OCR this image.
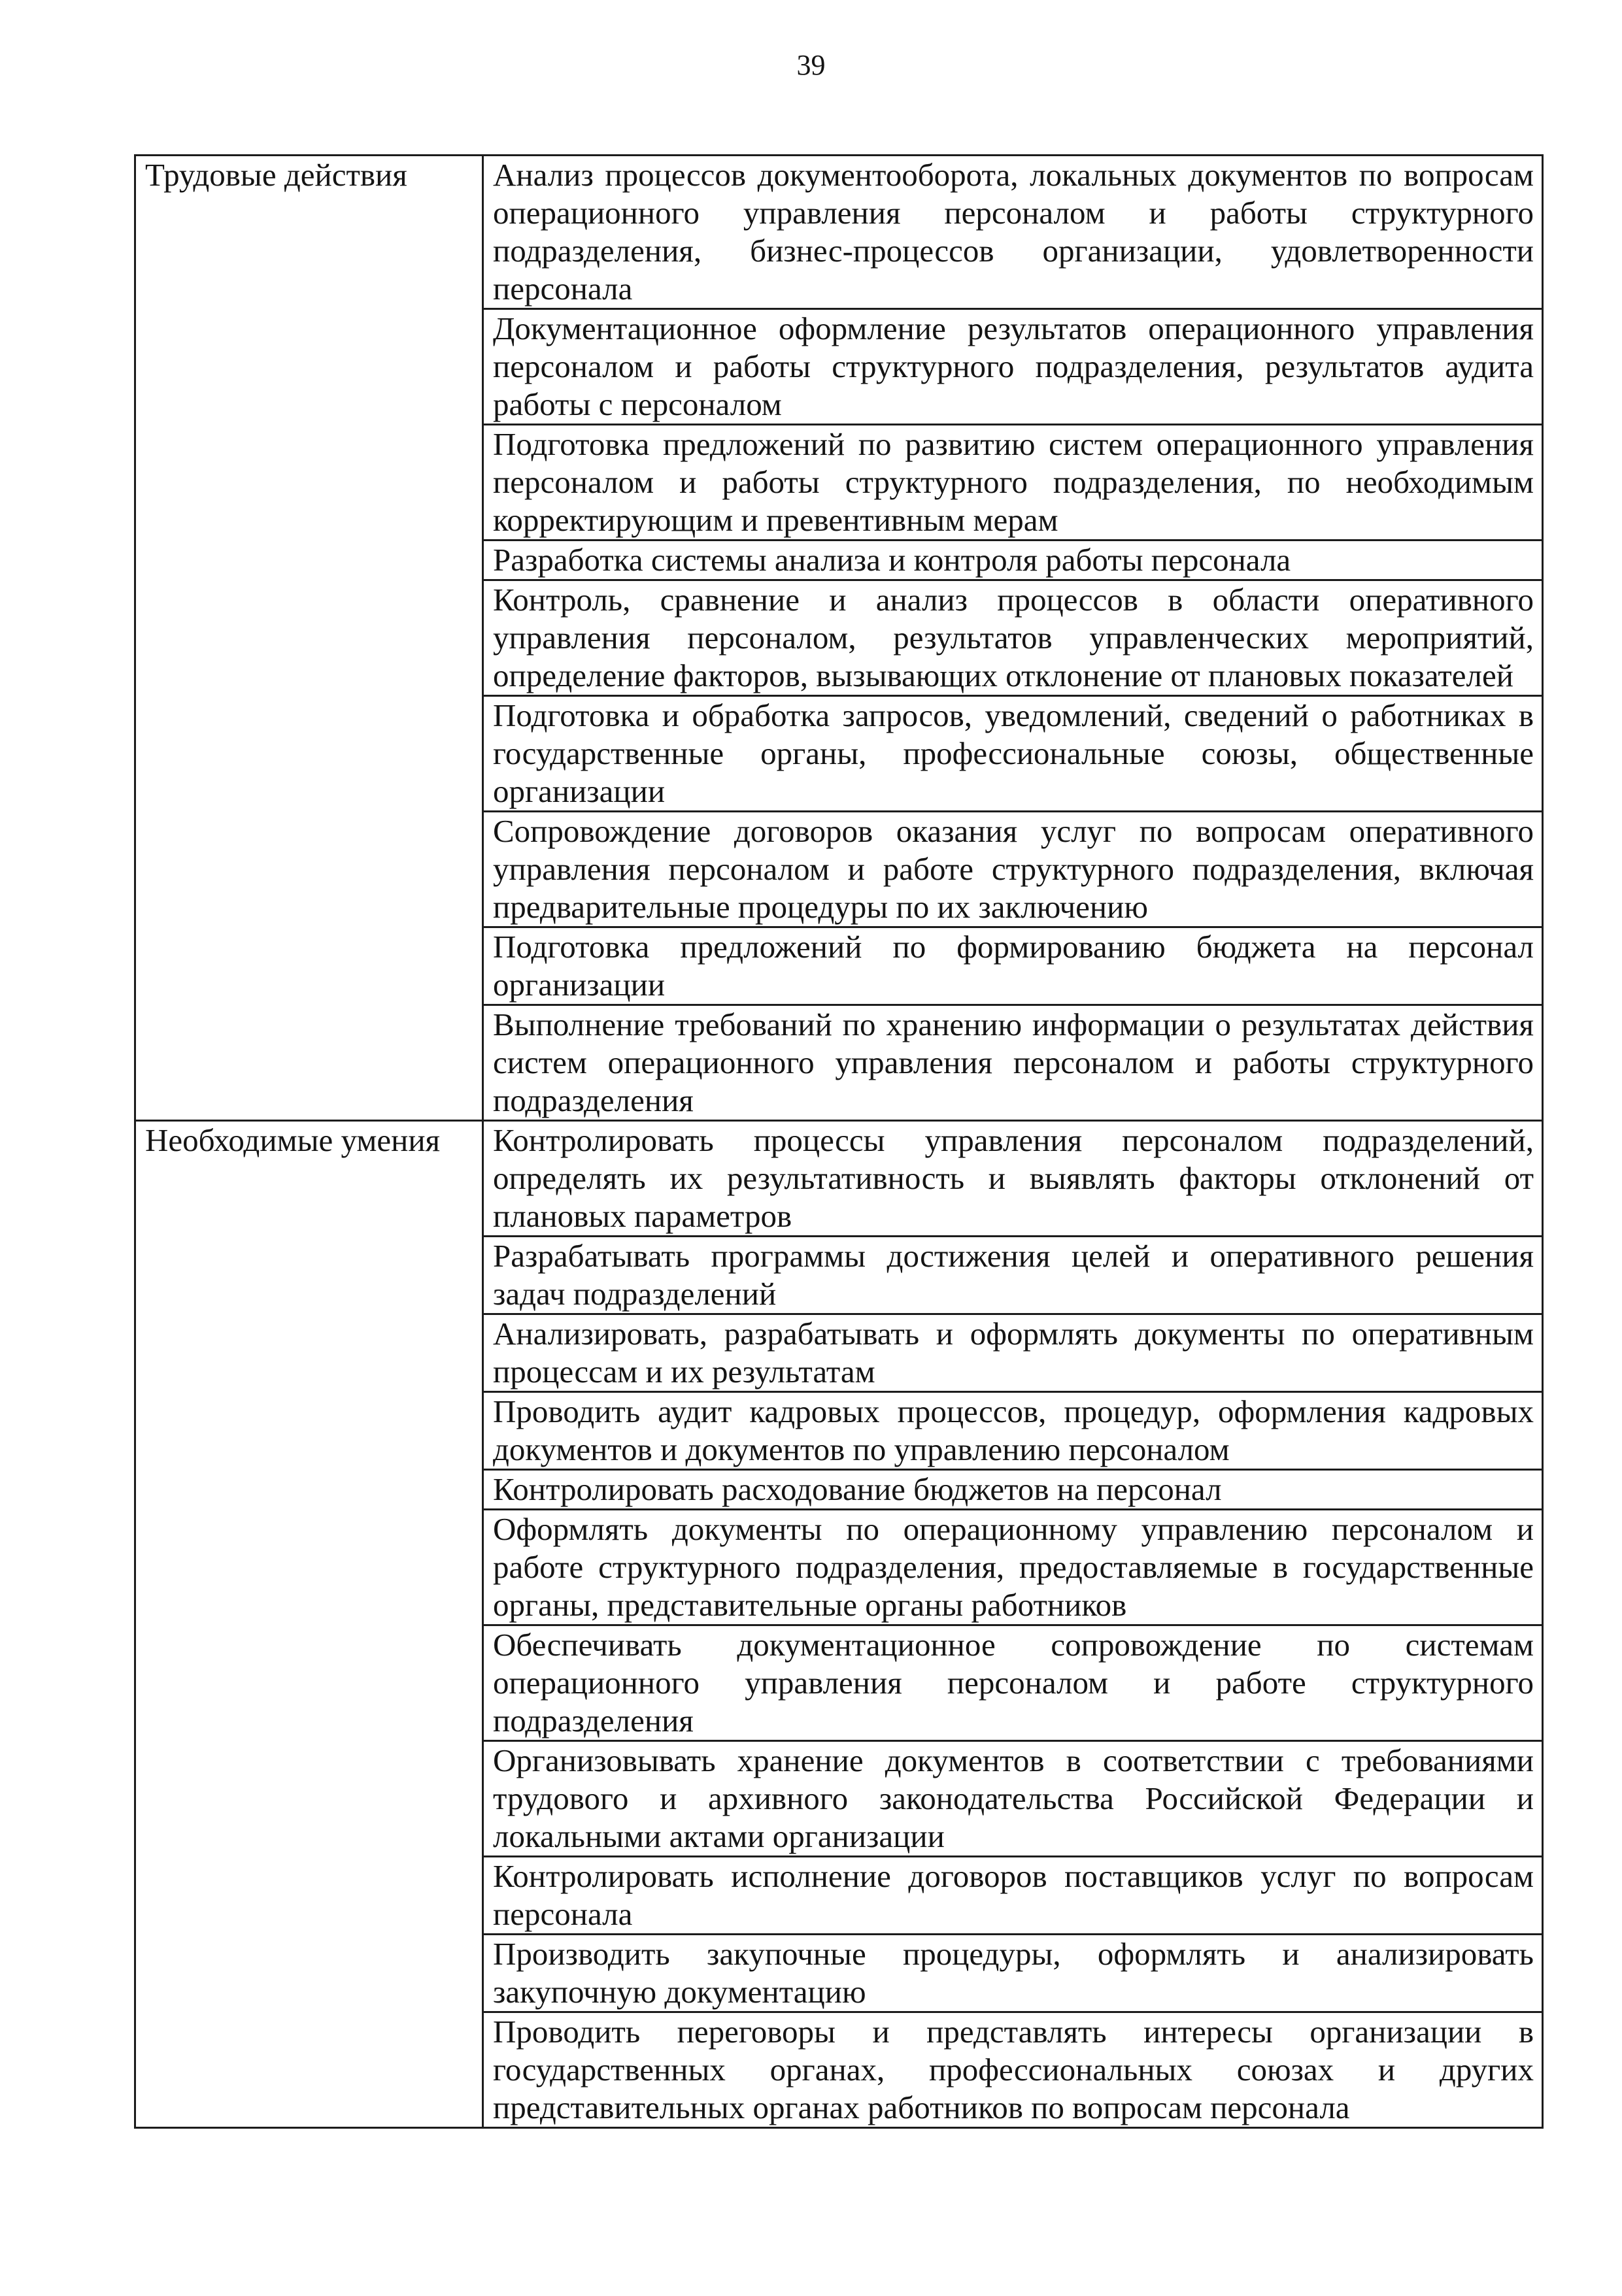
39
Трудовые действия	Анализ процессов документооборота, локальных документов по вопросам операционного управления персоналом и работы структурного подразделения, бизнес-процессов организации, удовлетворенности персонала
	Документационное оформление результатов операционного управления персоналом и работы структурного подразделения, результатов аудита работы с персоналом
	Подготовка предложений по развитию систем операционного управления персоналом и работы структурного подразделения, по необходимым корректирующим и превентивным мерам
	Разработка системы анализа и контроля работы персонала
	Контроль, сравнение и анализ процессов в области оперативного управления персоналом, результатов управленческих мероприятий, определение факторов, вызывающих отклонение от плановых показателей
	Подготовка и обработка запросов, уведомлений, сведений о работниках в государственные органы, профессиональные союзы, общественные организации
	Сопровождение договоров оказания услуг по вопросам оперативного управления персоналом и работе структурного подразделения, включая предварительные процедуры по их заключению
	Подготовка предложений по формированию бюджета на персонал организации
	Выполнение требований по хранению информации о результатах действия систем операционного управления персоналом и работы структурного подразделения
Необходимые умения	Контролировать процессы управления персоналом подразделений, определять их результативность и выявлять факторы отклонений от плановых параметров
	Разрабатывать программы достижения целей и оперативного решения задач подразделений
	Анализировать, разрабатывать и оформлять документы по оперативным процессам и их результатам
	Проводить аудит кадровых процессов, процедур, оформления кадровых документов и документов по управлению персоналом
	Контролировать расходование бюджетов на персонал
	Оформлять документы по операционному управлению персоналом и работе структурного подразделения, предоставляемые в государственные органы, представительные органы работников
	Обеспечивать документационное сопровождение по системам операционного управления персоналом и работе структурного подразделения
	Организовывать хранение документов в соответствии с требованиями трудового и архивного законодательства Российской Федерации и локальными актами организации
	Контролировать исполнение договоров поставщиков услуг по вопросам персонала
	Производить закупочные процедуры, оформлять и анализировать закупочную документацию
	Проводить переговоры и представлять интересы организации в государственных органах, профессиональных союзах и других представительных органах работников по вопросам персонала
